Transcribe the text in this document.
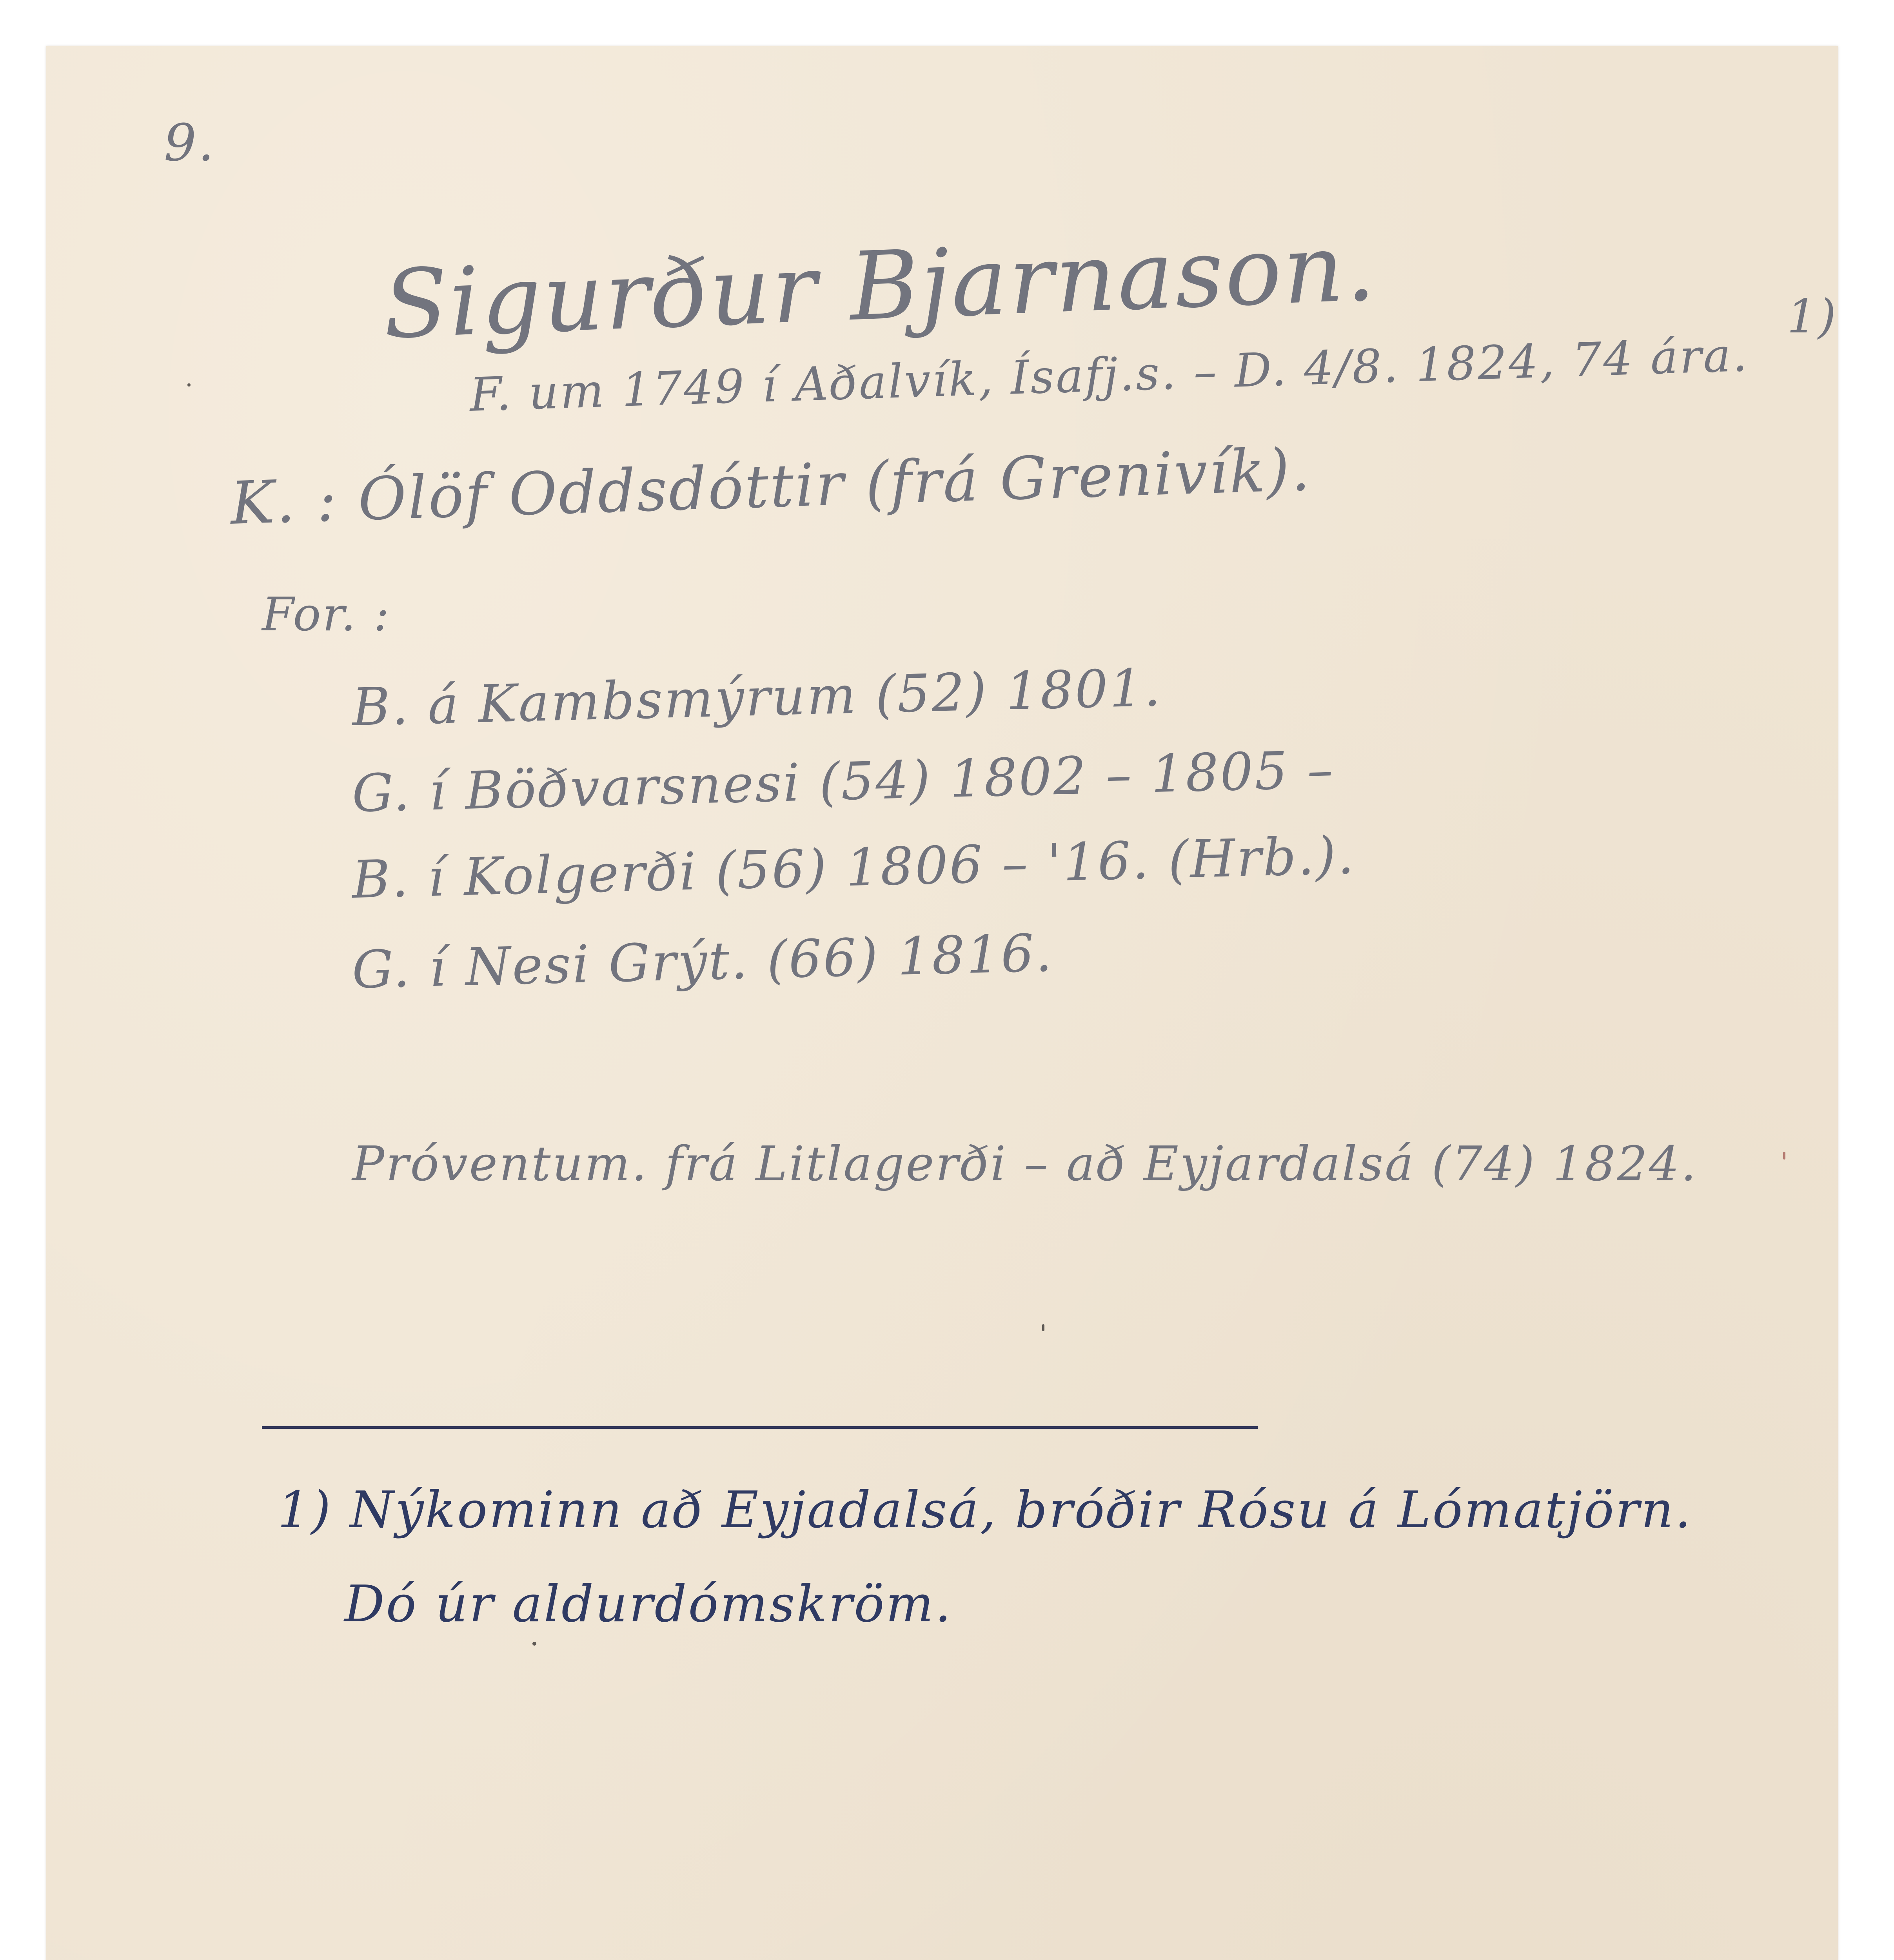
9.
Sigurður Bjarnason.
F. um 1749 í Aðalvík, Ísafj.s. – D. 4/8. 1824, 74 ára.
1)
K. : Ólöf Oddsdóttir (frá Grenivík).
For. :
B. á Kambsmýrum (52) 1801.
G. í Böðvarsnesi (54) 1802 – 1805 –
B. í Kolgerði (56) 1806 – '16. (Hrb.).
G. í Nesi Grýt. (66) 1816.
Próventum. frá Litlagerði – að Eyjardalsá (74) 1824.
1) Nýkominn að Eyjadalsá, bróðir Rósu á Lómatjörn.
Dó úr aldurdómskröm.
